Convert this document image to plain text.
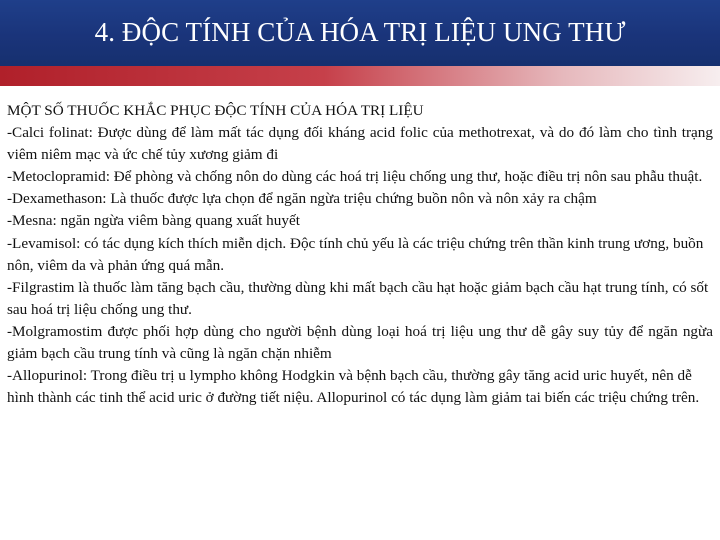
4. ĐỘC TÍNH CỦA HÓA TRỊ LIỆU UNG THƯ

MỘT SỐ THUỐC KHẮC PHỤC ĐỘC TÍNH CỦA HÓA TRỊ LIỆU

-Calci folinat: Được dùng để làm mất tác dụng đối kháng acid folic của methotrexat, và do đó làm cho tình trạng viêm niêm mạc và ức chế tủy xương giảm đi

-Metoclopramid: Để phòng và chống nôn do dùng các hoá trị liệu chống ung thư, hoặc điều trị nôn sau phẫu thuật.

-Dexamethason: Là thuốc được lựa chọn để ngăn ngừa triệu chứng buồn nôn và nôn xảy ra chậm

-Mesna: ngăn ngừa viêm bàng quang xuất huyết

-Levamisol: có tác dụng kích thích miễn dịch. Độc tính chủ yếu là các triệu chứng trên thần kinh trung ương, buồn nôn, viêm da và phản ứng quá mẫn.

-Filgrastim là thuốc làm tăng bạch cầu, thường dùng khi mất bạch cầu hạt hoặc giảm bạch cầu hạt trung tính, có sốt sau hoá trị liệu chống ung thư.

-Molgramostim được phối hợp dùng cho người bệnh dùng loại hoá trị liệu ung thư dễ gây suy tủy để ngăn ngừa giảm bạch cầu trung tính và cũng là ngăn chặn nhiễm

-Allopurinol: Trong điều trị u lympho không Hodgkin và bệnh bạch cầu, thường gây tăng acid uric huyết, nên dễ hình thành các tinh thể acid uric ở đường tiết niệu. Allopurinol có tác dụng làm giảm tai biến các triệu chứng trên.
